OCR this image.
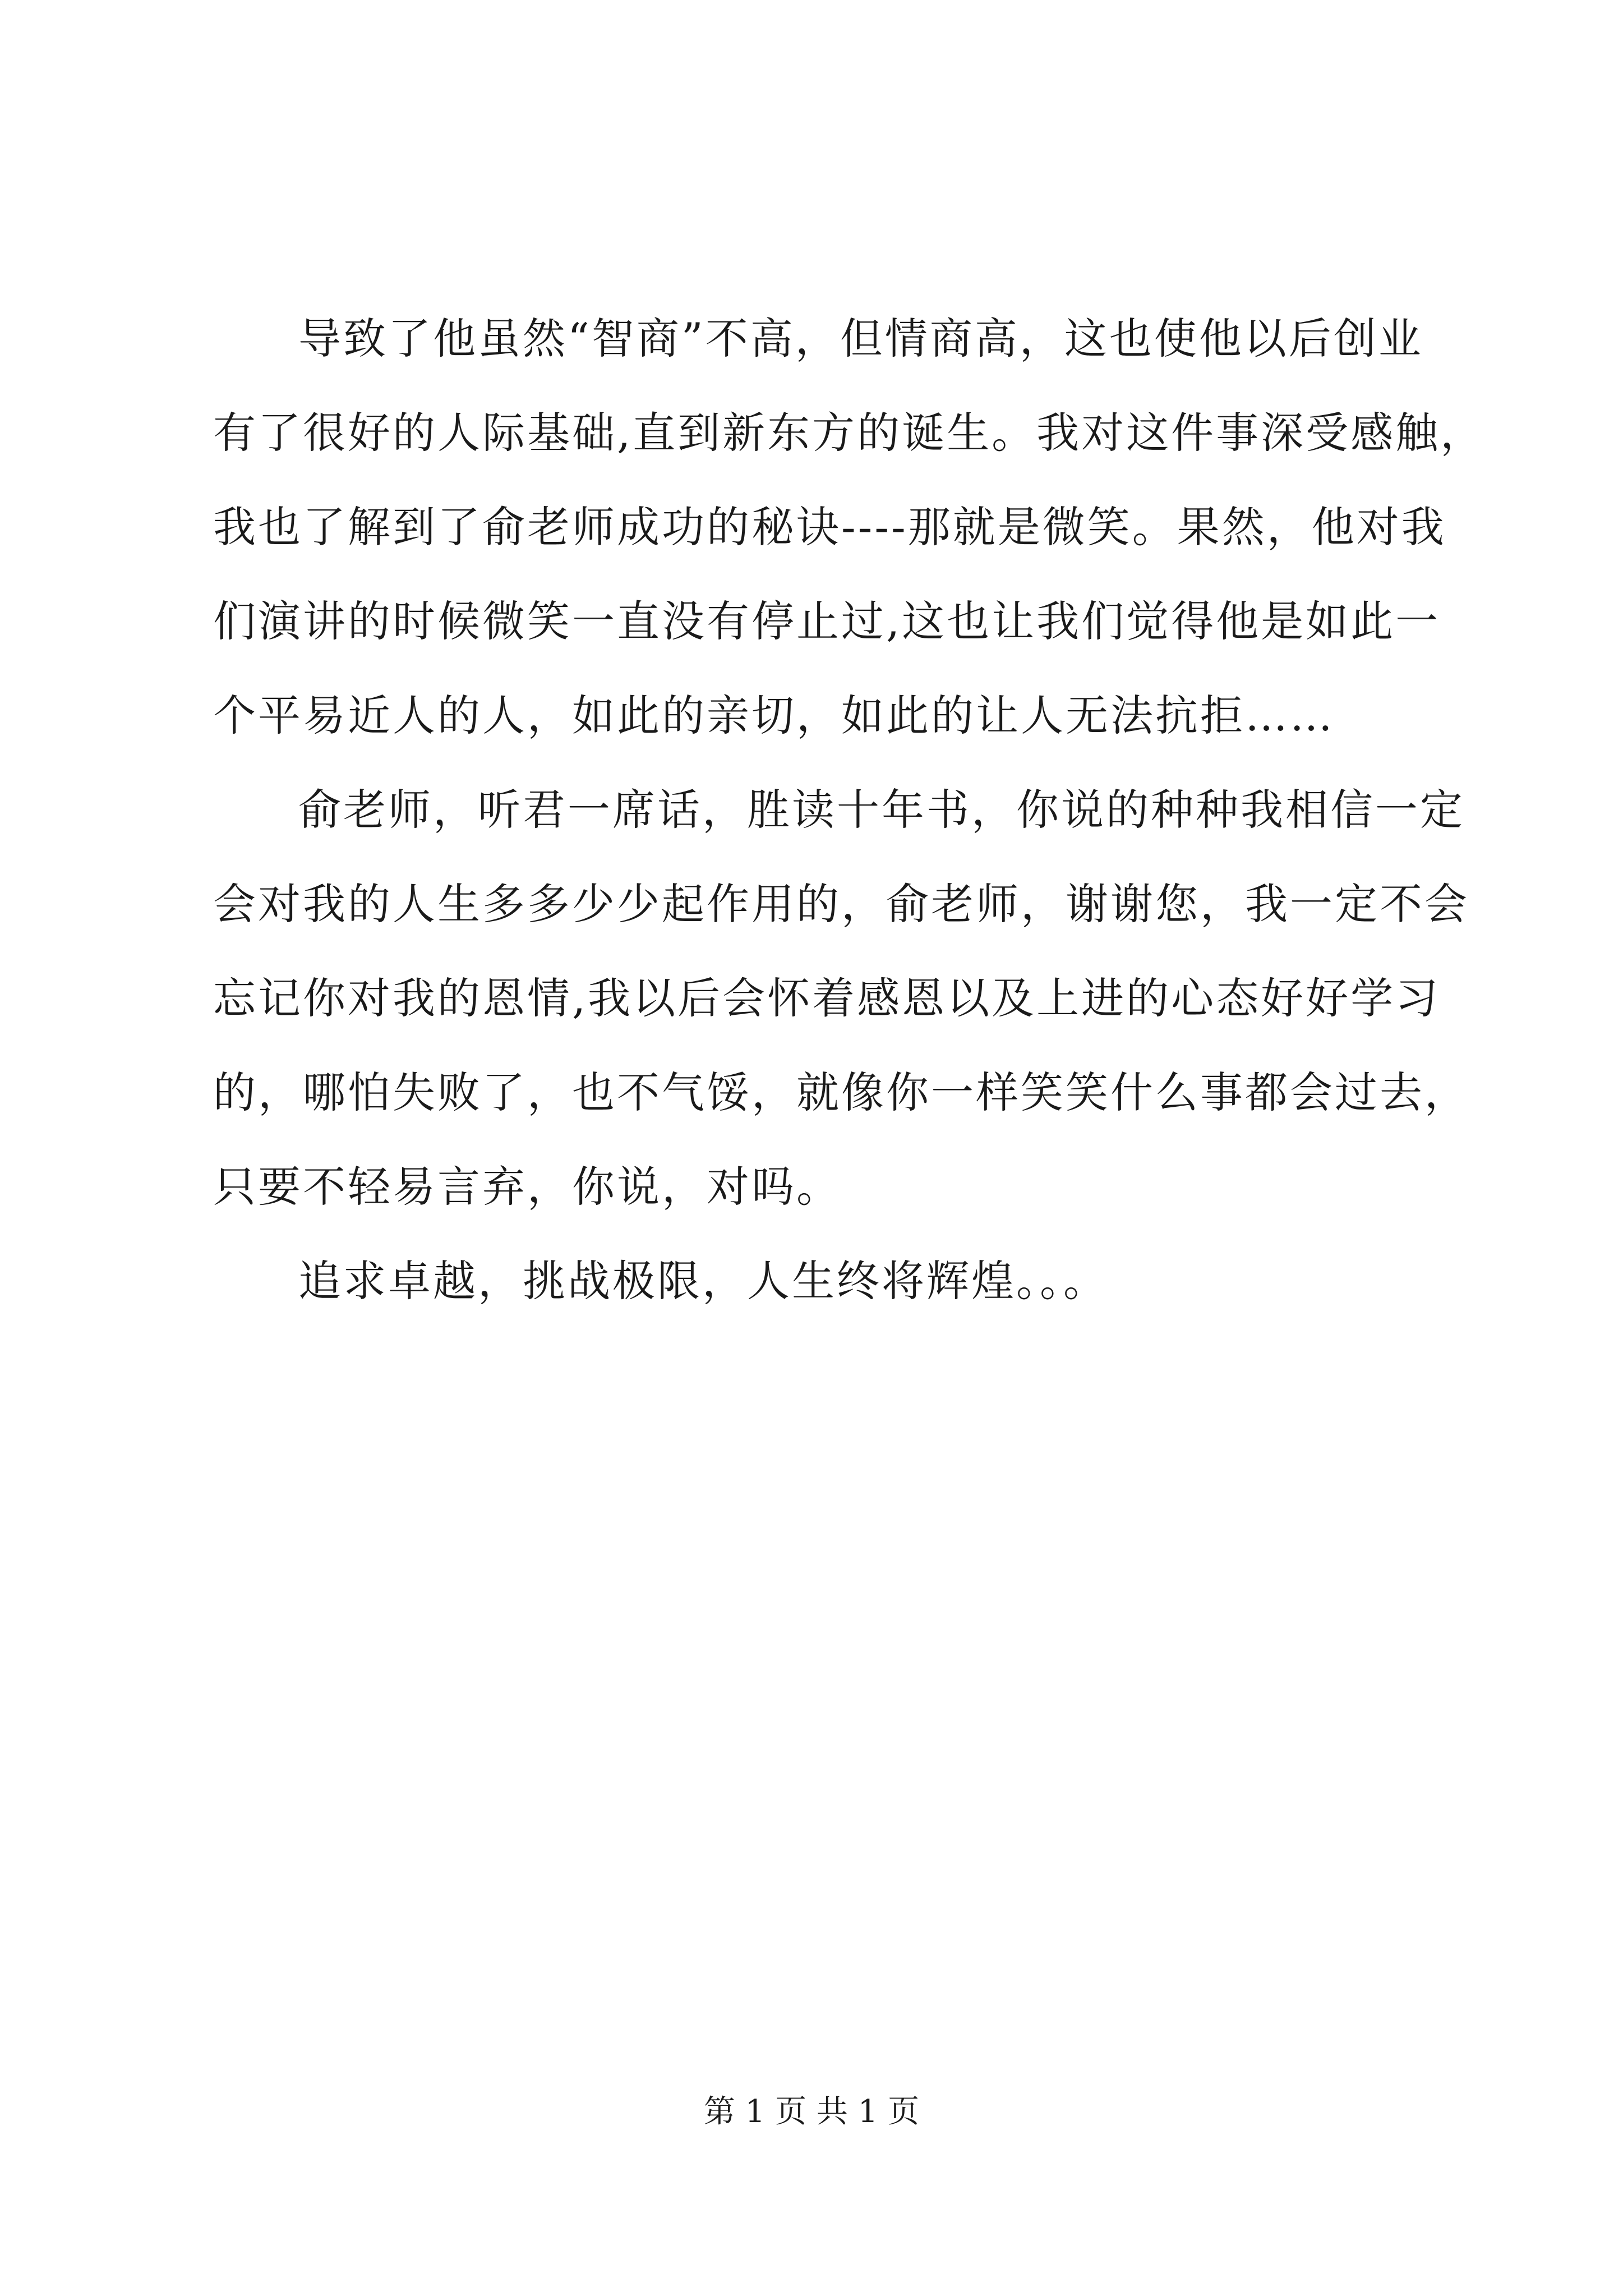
导致了他虽然“智商”不高，但情商高，这也使他以后创业
有了很好的人际基础,直到新东方的诞生。我对这件事深受感触，
我也了解到了俞老师成功的秘诀----那就是微笑。果然，他对我
们演讲的时候微笑一直没有停止过,这也让我们觉得他是如此一
个平易近人的人，如此的亲切，如此的让人无法抗拒……
俞老师，听君一席话，胜读十年书，你说的种种我相信一定
会对我的人生多多少少起作用的，俞老师，谢谢您，我一定不会
忘记你对我的恩情,我以后会怀着感恩以及上进的心态好好学习
的，哪怕失败了，也不气馁，就像你一样笑笑什么事都会过去，
只要不轻易言弃，你说，对吗。
追求卓越，挑战极限，人生终将辉煌。。。
第 1 页 共 1 页
